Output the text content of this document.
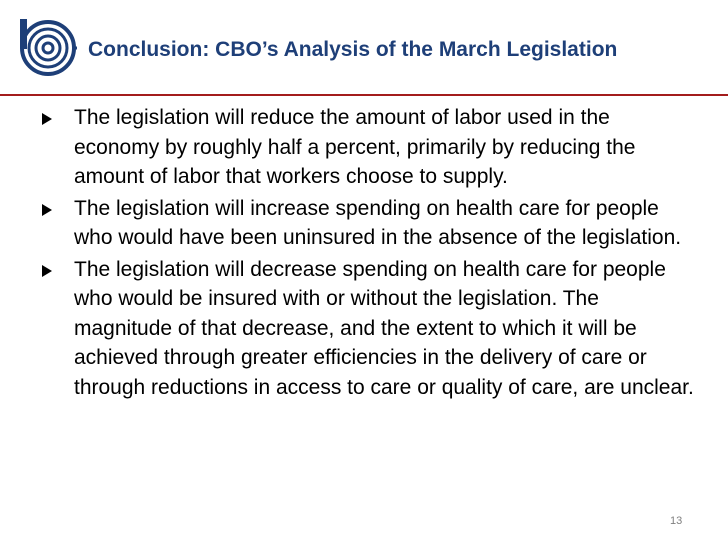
Conclusion: CBO’s Analysis of the March Legislation
The legislation will reduce the amount of labor used in the economy by roughly half a percent, primarily by reducing the amount of labor that workers choose to supply.
The legislation will increase spending on health care for people who would have been uninsured in the absence of the legislation.
The legislation will decrease spending on health care for people who would be insured with or without the legislation. The magnitude of that decrease, and the extent to which it will be achieved through greater efficiencies in the delivery of care or through reductions in access to care or quality of care, are unclear.
13
